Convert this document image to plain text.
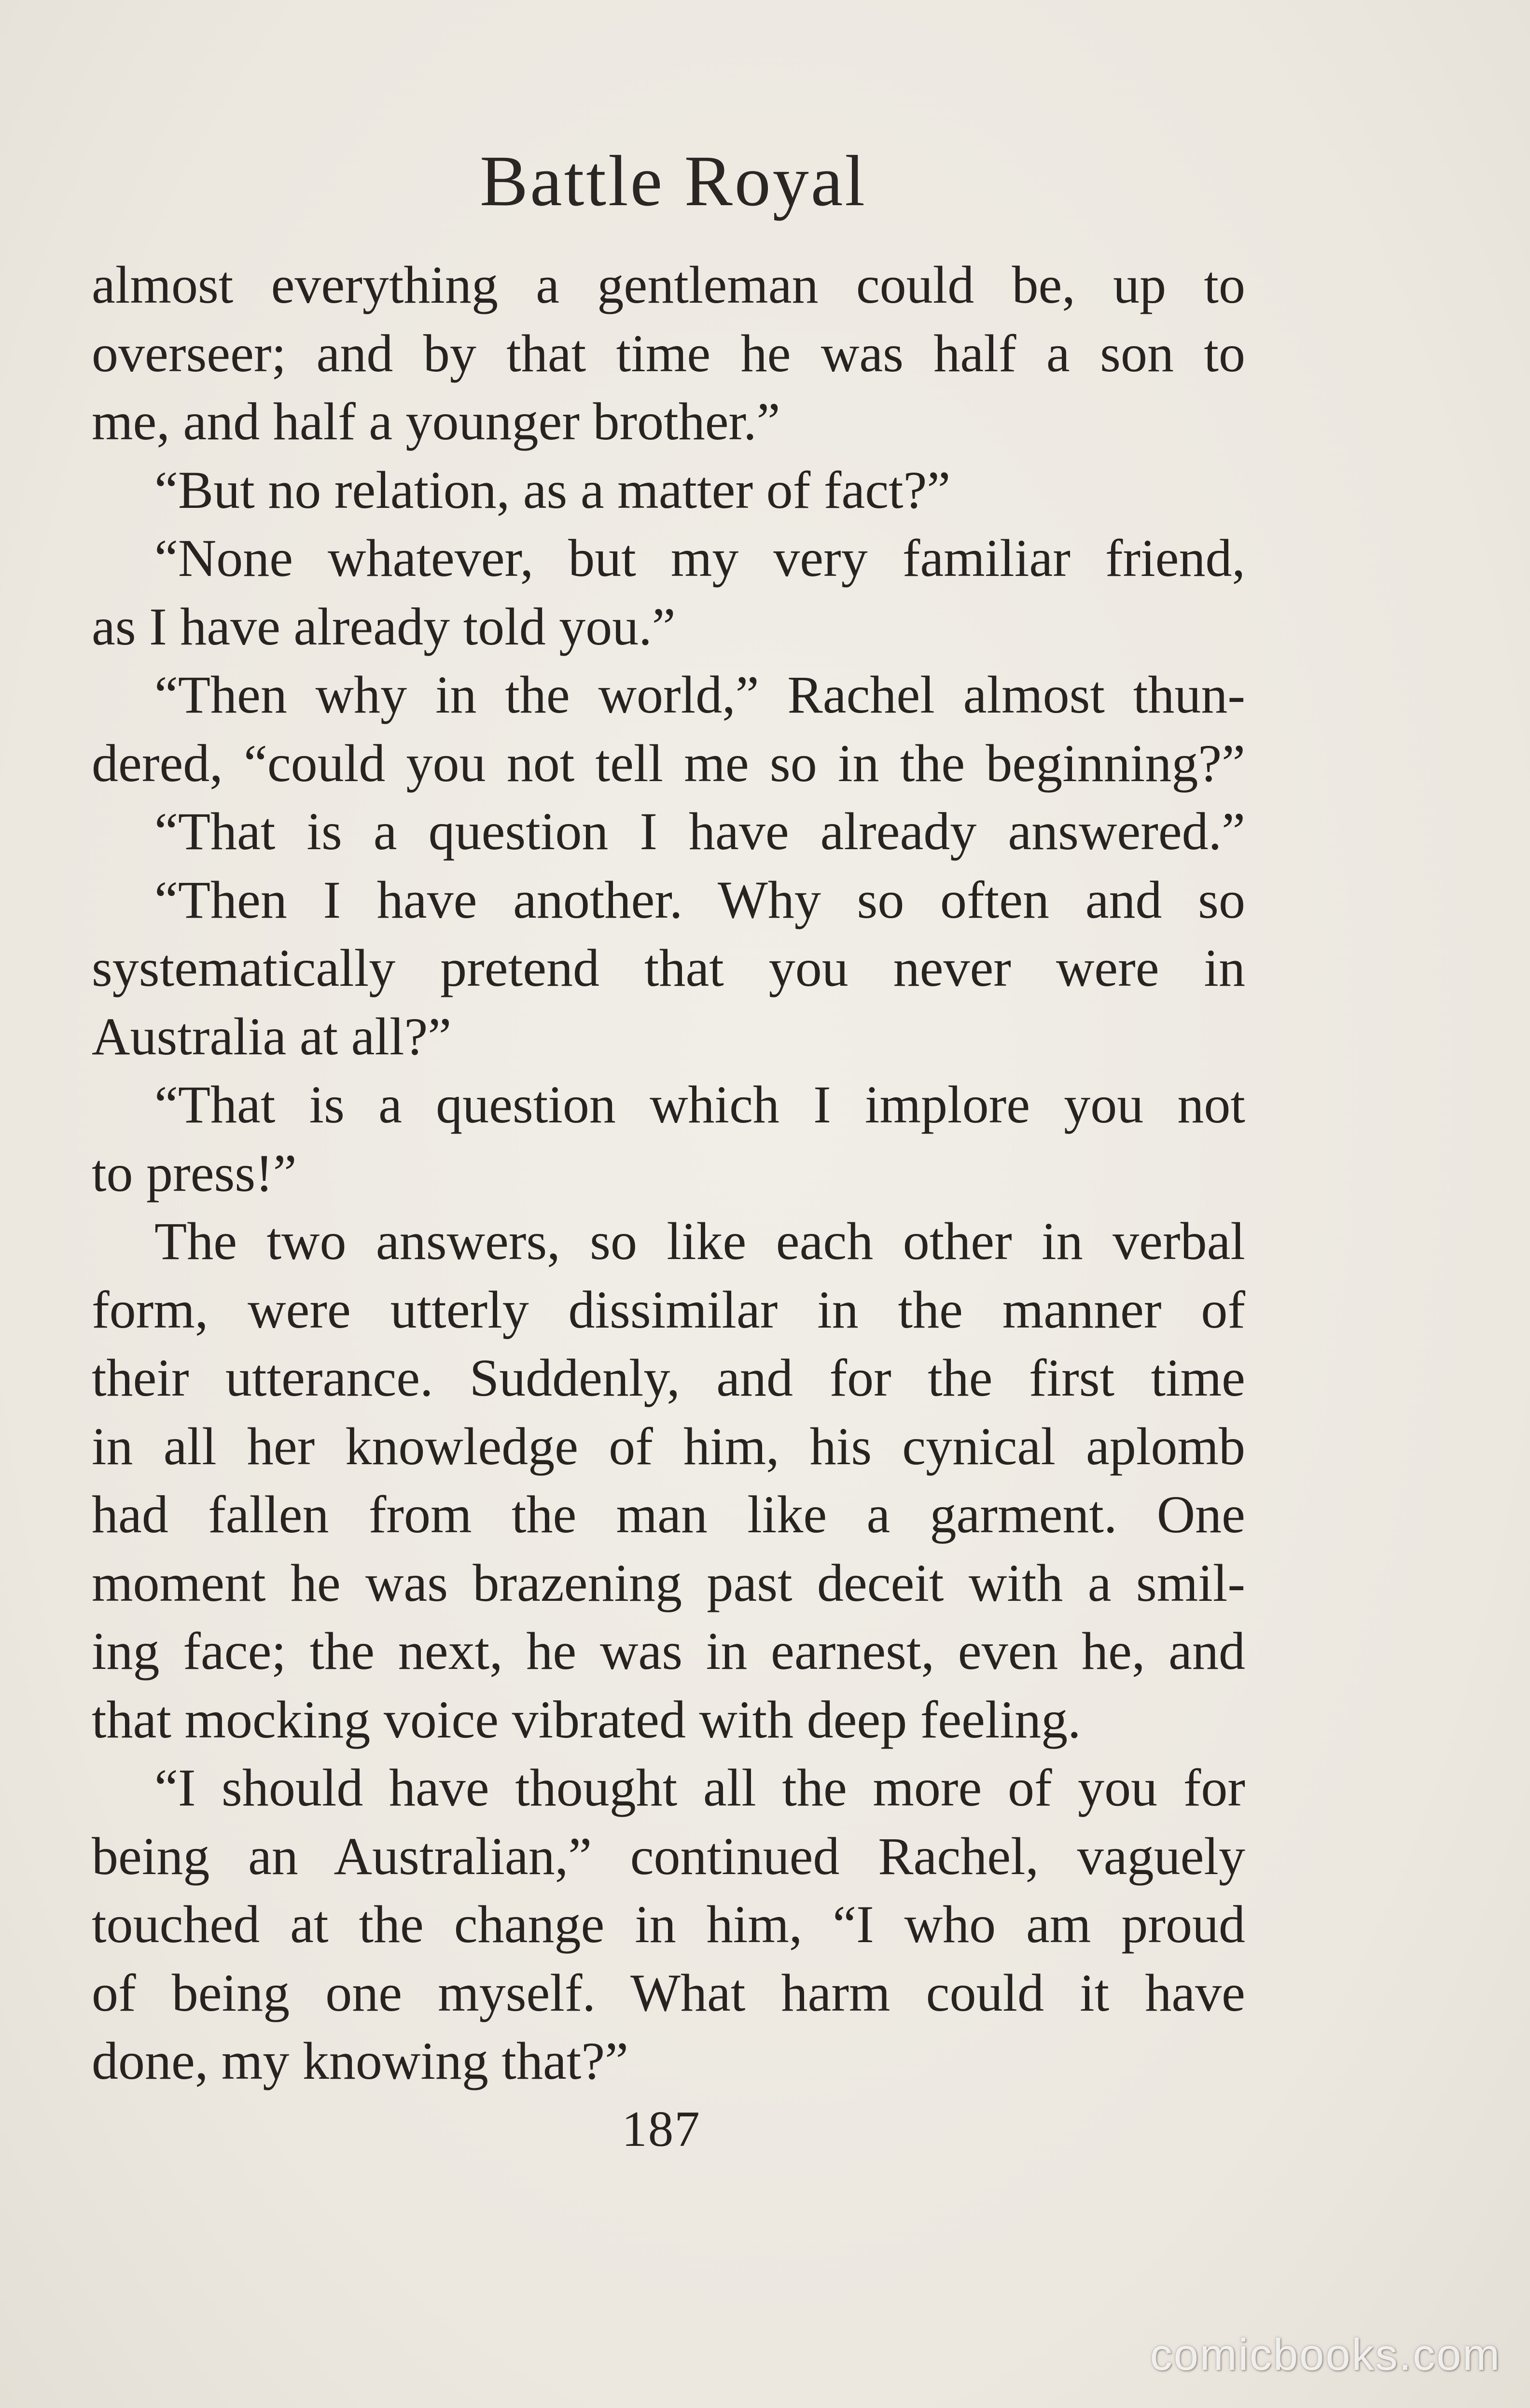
Battle Royal
almost everything a gentleman could be, up to
overseer; and by that time he was half a son to
me, and half a younger brother.”
“But no relation, as a matter of fact?”
“None whatever, but my very familiar friend,
as I have already told you.”
“Then why in the world,” Rachel almost thun-
dered, “could you not tell me so in the beginning?”
“That is a question I have already answered.”
“Then I have another. Why so often and so
systematically pretend that you never were in
Australia at all?”
“That is a question which I implore you not
to press!”
The two answers, so like each other in verbal
form, were utterly dissimilar in the manner of
their utterance. Suddenly, and for the first time
in all her knowledge of him, his cynical aplomb
had fallen from the man like a garment. One
moment he was brazening past deceit with a smil-
ing face; the next, he was in earnest, even he, and
that mocking voice vibrated with deep feeling.
“I should have thought all the more of you for
being an Australian,” continued Rachel, vaguely
touched at the change in him, “I who am proud
of being one myself. What harm could it have
done, my knowing that?”
187
comicbooks.com
